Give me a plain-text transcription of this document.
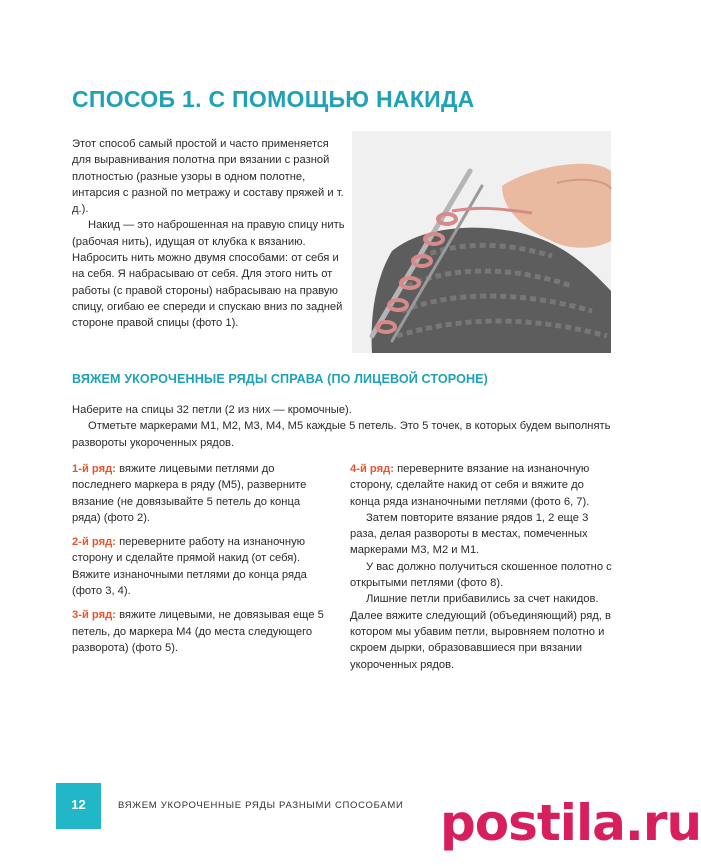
СПОСОБ 1. С ПОМОЩЬЮ НАКИДА

Этот способ самый простой и часто применяется для выравнивания полотна при вязании с разной плотностью (разные узоры в одном полотне, интарсия с разной по метражу и составу пряжей и т. д.).

Накид — это наброшенная на правую спицу нить (рабочая нить), идущая от клубка к вязанию. Набросить нить можно двумя способами: от себя и на себя. Я набрасываю от себя. Для этого нить от работы (с правой стороны) набрасываю на правую спицу, огибаю ее спереди и спускаю вниз по задней стороне правой спицы (фото 1).

ВЯЖЕМ УКОРОЧЕННЫЕ РЯДЫ СПРАВА (ПО ЛИЦЕВОЙ СТОРОНЕ)

Наберите на спицы 32 петли (2 из них — кромочные).

Отметьте маркерами М1, М2, М3, М4, М5 каждые 5 петель. Это 5 точек, в которых будем выполнять развороты укороченных рядов.

1-й ряд: вяжите лицевыми петлями до последнего маркера в ряду (М5), разверните вязание (не довязывайте 5 петель до конца ряда) (фото 2).

2-й ряд: переверните работу на изнаночную сторону и сделайте прямой накид (от себя). Вяжите изнаночными петлями до конца ряда (фото 3, 4).

3-й ряд: вяжите лицевыми, не довязывая еще 5 петель, до маркера М4 (до места следующего разворота) (фото 5).

4-й ряд: переверните вязание на изнаночную сторону, сделайте накид от себя и вяжите до конца ряда изнаночными петлями (фото 6, 7).

Затем повторите вязание рядов 1, 2 еще 3 раза, делая развороты в местах, помеченных маркерами М3, М2 и М1.

У вас должно получиться скошенное полотно с открытыми петлями (фото 8).

Лишние петли прибавились за счет накидов. Далее вяжите следующий (объединяющий) ряд, в котором мы убавим петли, выровняем полотно и скроем дырки, образовавшиеся при вязании укороченных рядов.

12	ВЯЖЕМ УКОРОЧЕННЫЕ РЯДЫ РАЗНЫМИ СПОСОБАМИ postila.ru
